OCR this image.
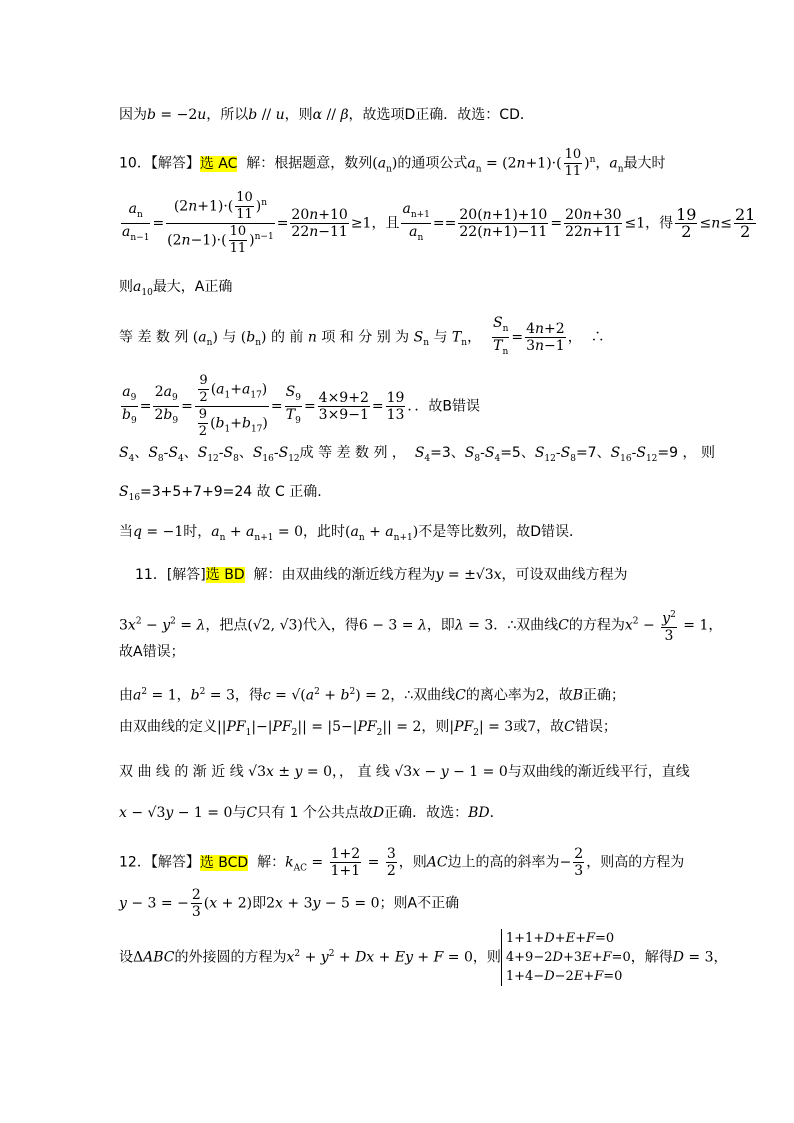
因为b = −2u，所以b // u，则α // β，故选项D正确．故选：CD．
10．【解答】选 AC 解：根据题意，数列$(a_n)$的通项公式$a_n = (2n+1)\cdot( \frac{10}{11} )^n$，$a_n$最大时
$\frac{a_n}{a_{n-1}} = \frac{(2n+1)\cdot( \frac{10}{11} )^n}{(2n-1)\cdot( \frac{10}{11} )^{n-1}} = \frac{20n+10}{22n-11} \ge 1$，且 $\frac{a_{n+1}}{a_n} == \frac{20(n+1)+10}{22(n+1)-11} = \frac{20n+30}{22n+11} \le 1$，得 $\frac{19}{2} \le n\le \frac{21}{2}$
则$a_{10}$最大，A正确
等 差 数 列 $(a_n)$ 与 $(b_n)$ 的 前 n 项 和 分 别 为 $S_n$ 与 $T_n$， $\frac{S_n}{T_n} = \frac{4n+2}{3n-1}$ ，  ∴
$\frac{a_9}{b_9} = \frac{2a_9}{2b_9} = \frac{\frac{9}{2} (a_1+a_{17})}{\frac{9}{2} (b_1+b_{17})} = \frac{S_9}{T_9} = \frac{4\times 9+2}{3\times 9-1} = \frac{19}{13}$ ．．故B错误
$S_4$、$S_8-S_4$、$S_{12}-S_8$、$S_{16}-S_{12}$成 等 差 数 列 ， $S_4=3$、$S_8-S_4=5$、$S_{12}-S_8=7$、$S_{16}-S_{12}=9$ ， 则
$S_{16}=3+5+7+9=24$ 故 C 正确.
当q = −1时，$a_n + a_{n+1} = 0$，此时$(a_n + a_{n+1})$不是等比数列，故D错误．
11．[解答]选 BD 解：由双曲线的渐近线方程为y = ±√3x，可设双曲线方程为
$3x^2 - y^2 = \lambda$，把点(√2, √3)代入，得6 − 3 = λ，即λ = 3．∴双曲线C的方程为$x^2 - \frac{y^2}{3} = 1$，
故A错误；
由$a^2 = 1$，$b^2 = 3$，得$c = √(a^2 + b^2) = 2$，∴双曲线C的离心率为2，故B正确；
由双曲线的定义$||PF_1|-|PF_2|| = |5-|PF_2|| = 2$，则$|PF_2| = 3$或7，故C错误；
双 曲 线 的 渐 近 线 √3x ± y = 0，， 直 线 √3x − y − 1 = 0与双曲线的渐近线平行，直线
x − √3y − 1 = 0与C只有 1 个公共点故D正确．故选：BD．
12．【解答】选 BCD 解：$k_{AC} = \frac{1+2}{1+1} = \frac{3}{2}$ ，则AC边上的高的斜率为− $\frac{2}{3}$ ，则高的方程为
y − 3 = − $\frac{2}{3} (x + 2)$即2x + 3y − 5 = 0；则A不正确
设ΔABC的外接圆的方程为$x^2 + y^2 + Dx + Ey + F = 0$，则
1+1+D+E+F=0
4+9−2D+3E+F=0
1+4−D−2E+F=0
，解得D = 3，
